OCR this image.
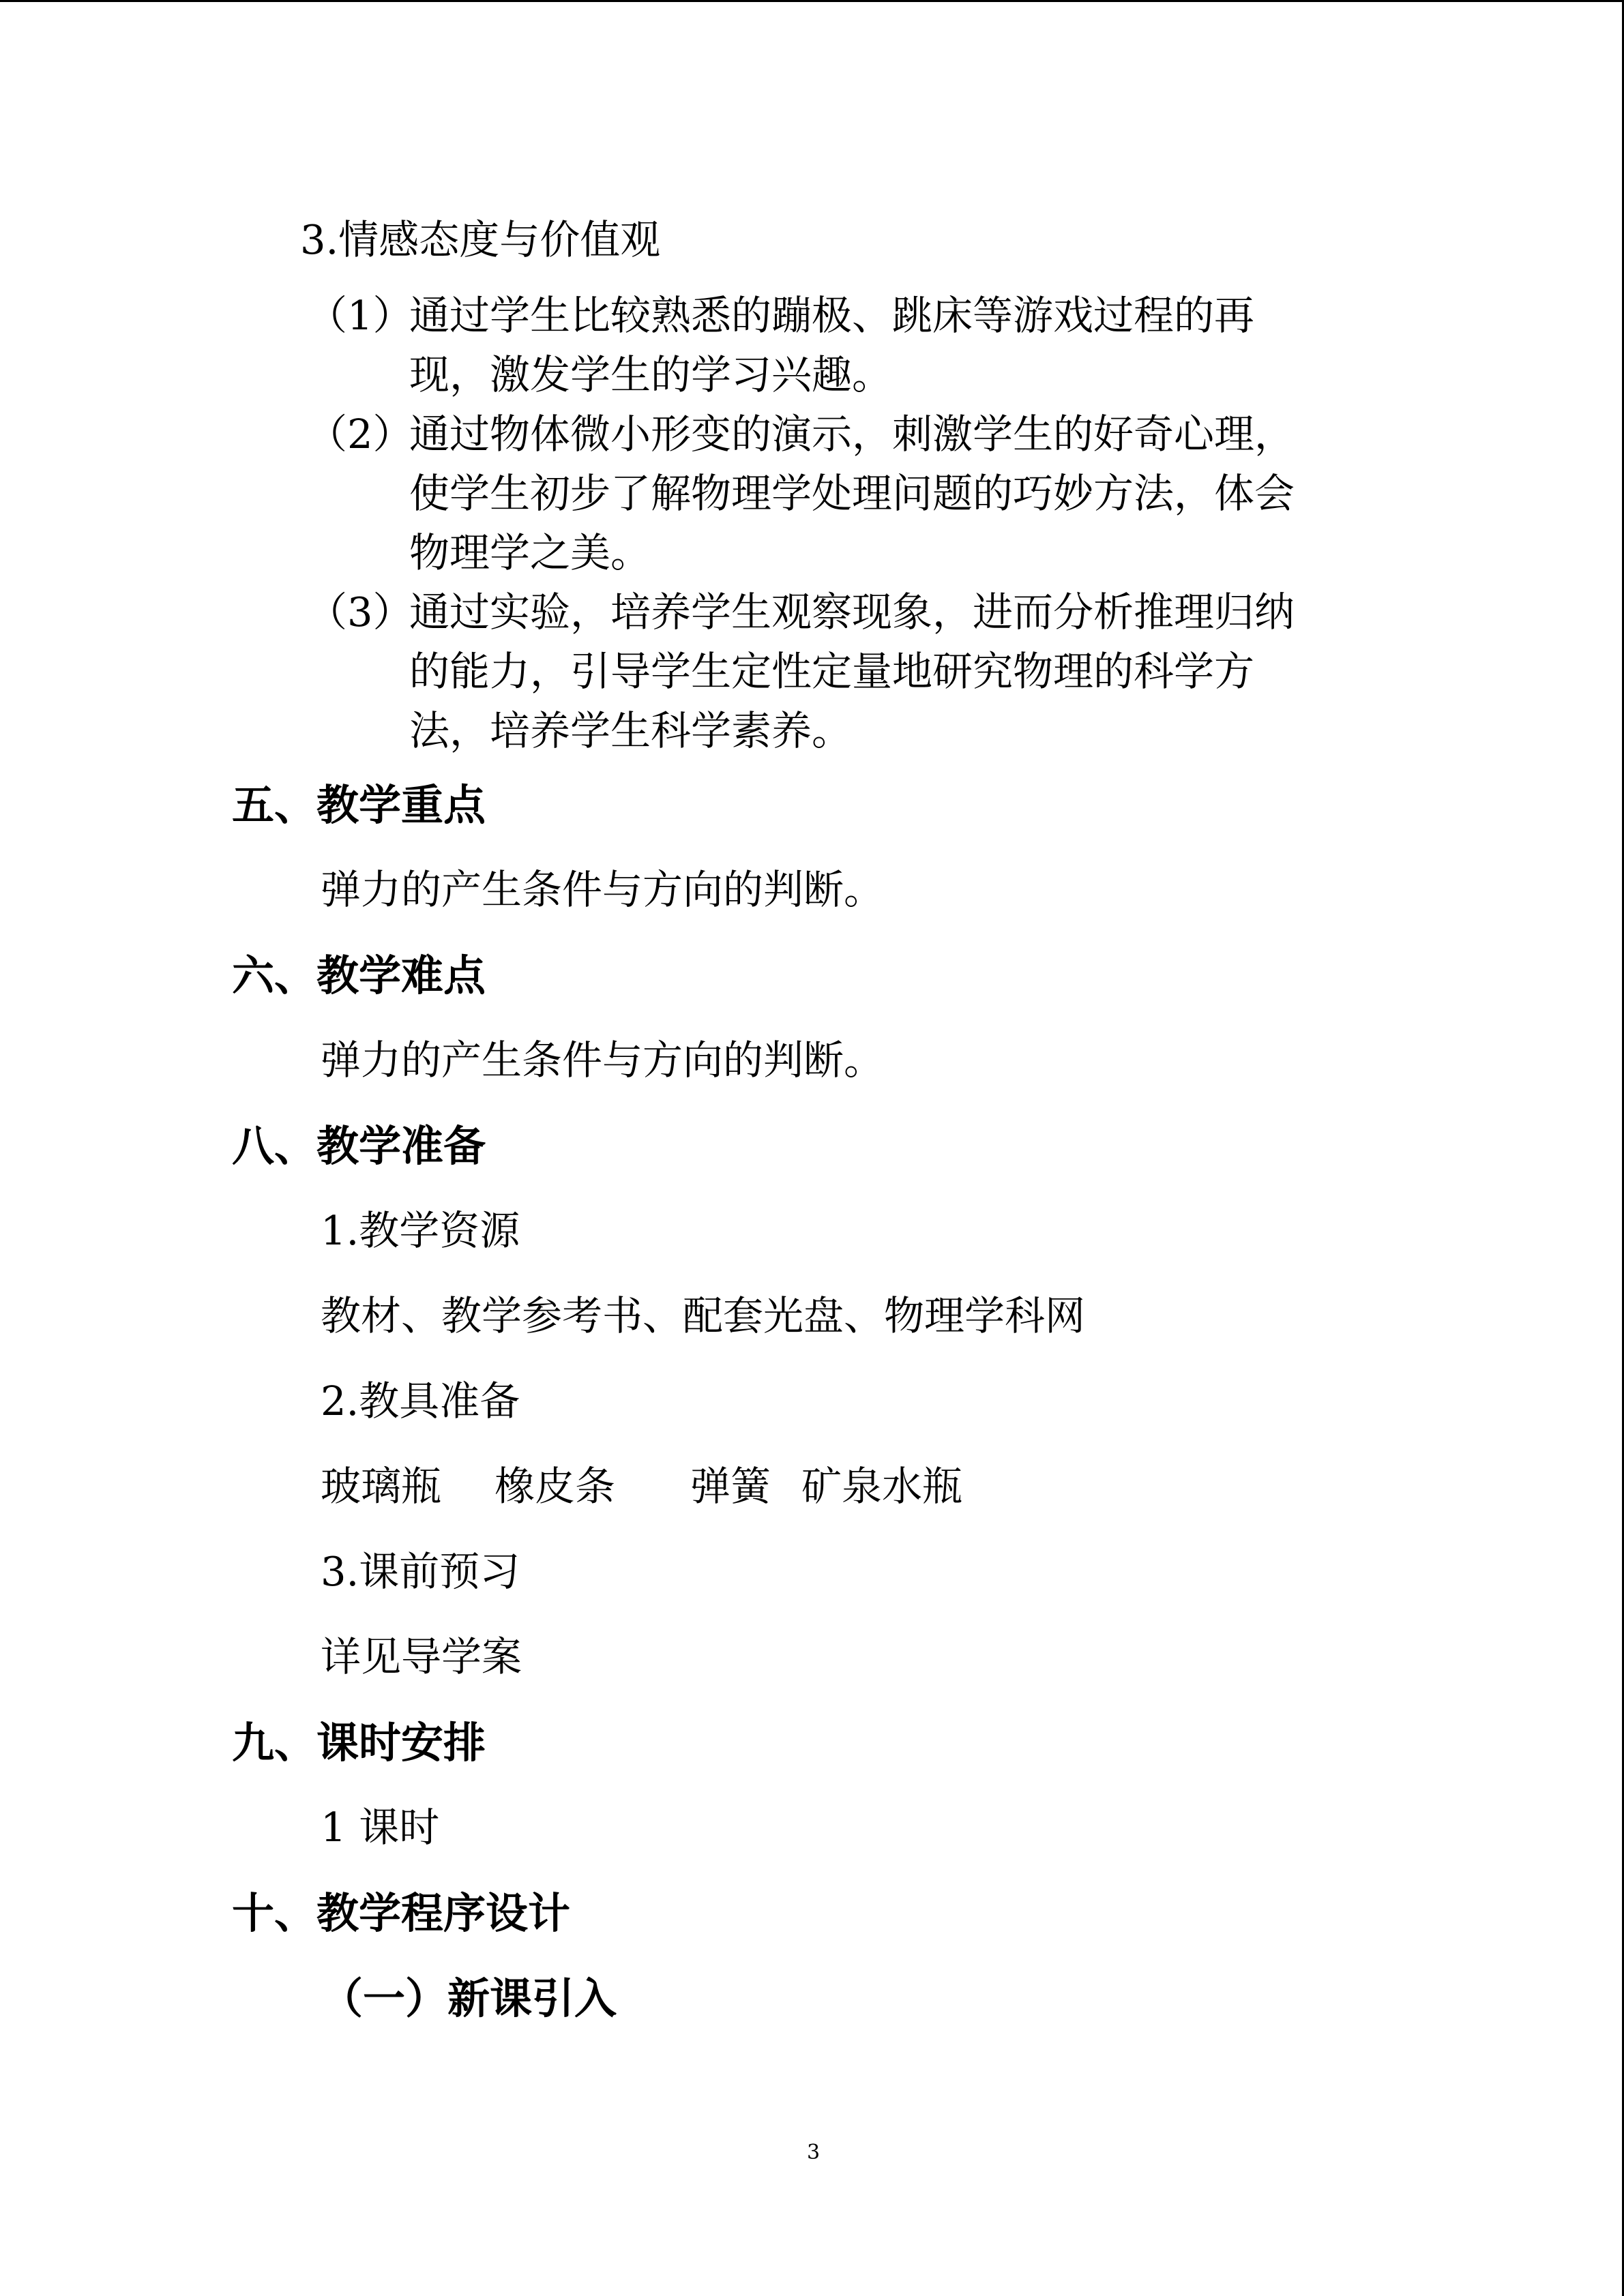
3.情感态度与价值观
（1）
通过学生比较熟悉的蹦极、跳床等游戏过程的再
现，激发学生的学习兴趣。
（2）
通过物体微小形变的演示，刺激学生的好奇心理，
使学生初步了解物理学处理问题的巧妙方法，体会
物理学之美。
（3）
通过实验，培养学生观察现象，进而分析推理归纳
的能力，引导学生定性定量地研究物理的科学方
法，培养学生科学素养。
五、教学重点
弹力的产生条件与方向的判断。
六、教学难点
弹力的产生条件与方向的判断。
八、教学准备
1.教学资源
教材、教学参考书、配套光盘、物理学科网
2.教具准备
玻璃瓶 橡皮条 弹簧 矿泉水瓶
3.课前预习
详见导学案
九、课时安排
1 课时
十、教学程序设计
（一）新课引入
3
